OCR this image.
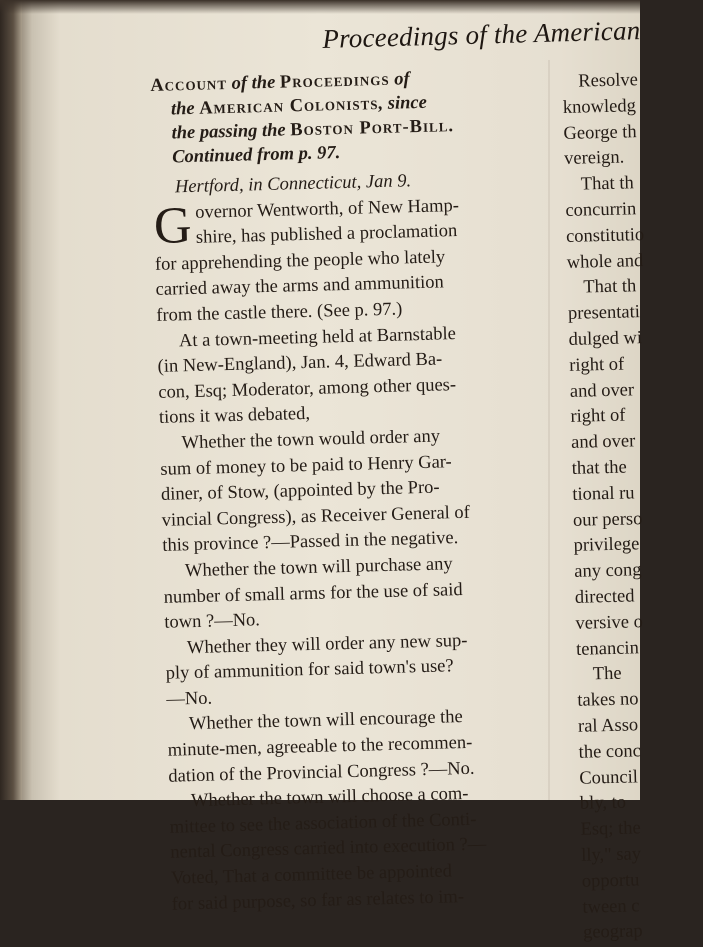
Proceedings of the American
Account of the Proceedings of
the American Colonists, since
the passing the Boston Port-Bill.
Continued from p. 97.
Hertford, in Connecticut, Jan 9.
G overnor Wentworth, of New Hamp-
shire, has published a proclamation
for apprehending the people who lately
carried away the arms and ammunition
from the castle there. (See p. 97.)
At a town-meeting held at Barnstable
(in New-England), Jan. 4, Edward Ba-
con, Esq; Moderator, among other ques-
tions it was debated,
Whether the town would order any
sum of money to be paid to Henry Gar-
diner, of Stow, (appointed by the Pro-
vincial Congress), as Receiver General of
this province ?—Passed in the negative.
Whether the town will purchase any
number of small arms for the use of said
town ?—No.
Whether they will order any new sup-
ply of ammunition for said town's use?
—No.
Whether the town will encourage the
minute-men, agreeable to the recommen-
dation of the Provincial Congress ?—No.
Whether the town will choose a com-
mittee to see the association of the Conti-
nental Congress carried into execution ?—
Voted, That a committee be appointed
for said purpose, so far as relates to im-
Resolve
knowledg
George th
vereign.
That th
concurrin
constitutio
whole and
That th
presentati
dulged wi
right of
and over
right of
and over
that the
tional ru
our perso
privilege
any cong
directed
versive o
tenancin
The
takes no
ral Asso
the conc
Council
bly, to
Esq; the
lly," say
opportu
tween c
geograp
